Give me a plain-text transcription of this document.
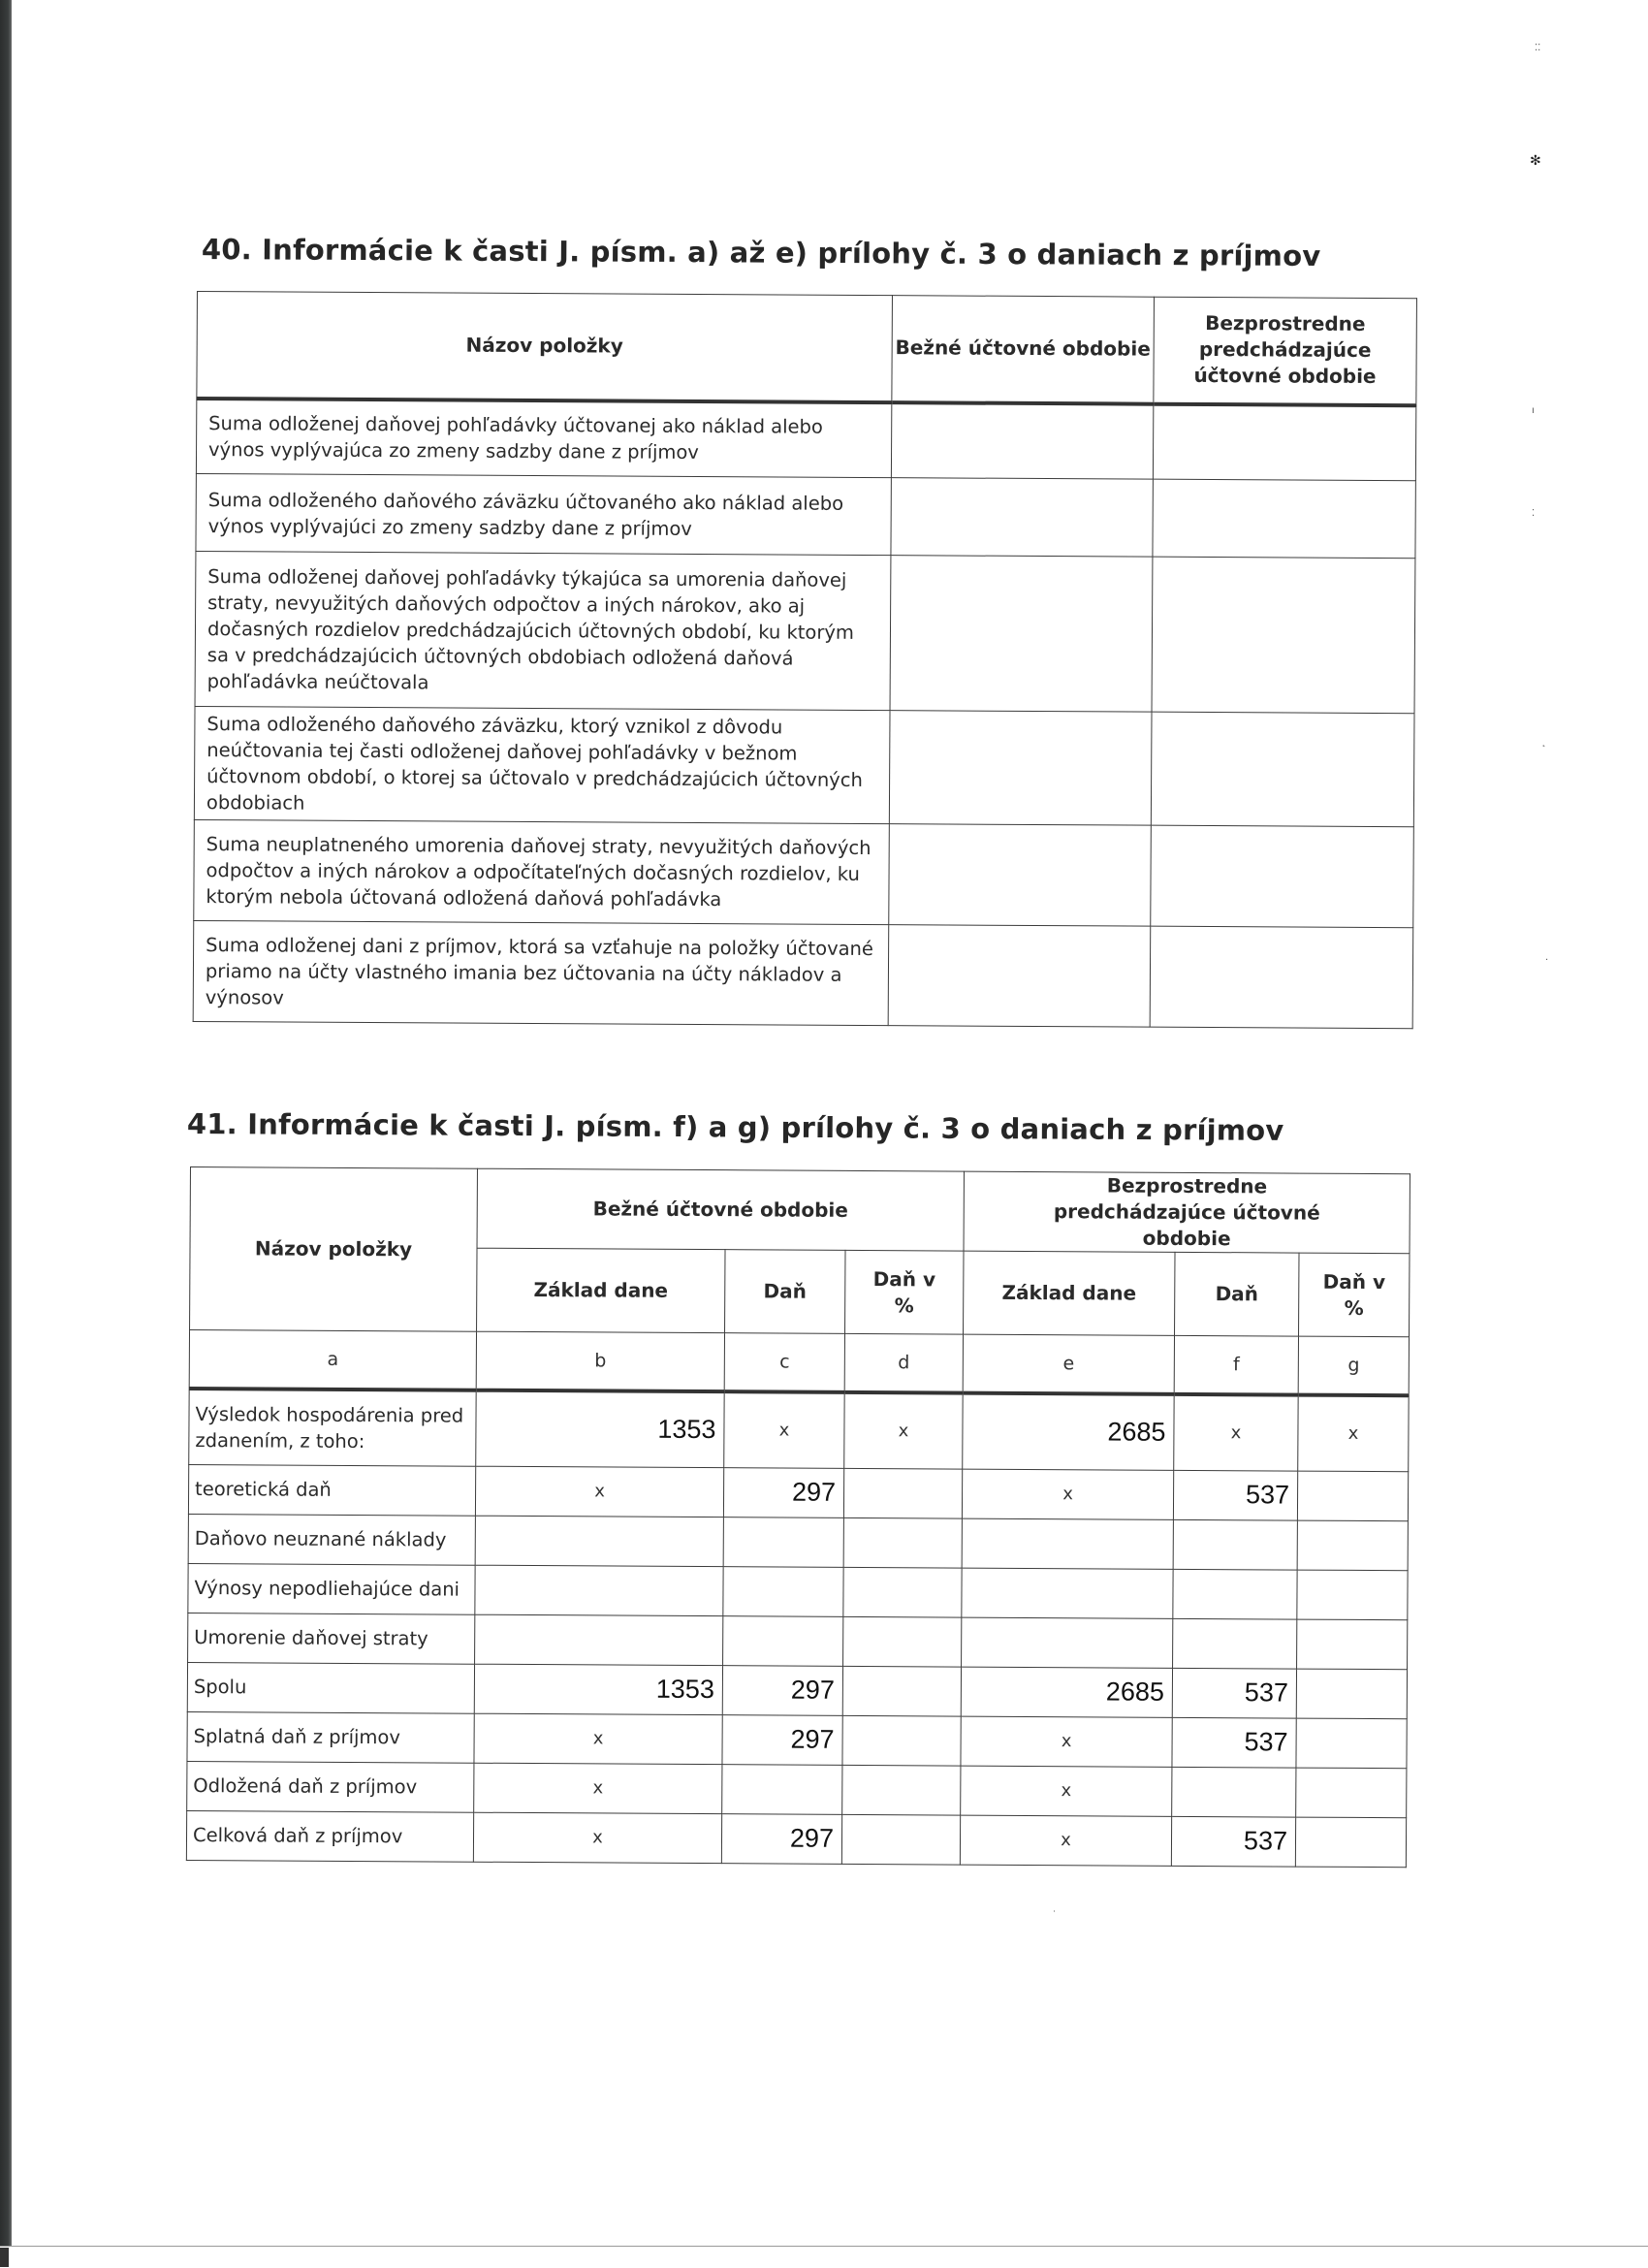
⁚⁚
✻
ı
⁚
˛
·
˙
40. Informácie k časti J. písm. a) až e) prílohy č. 3 o daniach z príjmov
Názov položky	Bežné účtovné obdobie	Bezprostredne predchádzajúce účtovné obdobie
Suma odloženej daňovej pohľadávky účtovanej ako náklad alebo výnos vyplývajúca zo zmeny sadzby dane z príjmov		
Suma odloženého daňového záväzku účtovaného ako náklad alebo výnos vyplývajúci zo zmeny sadzby dane z príjmov		
Suma odloženej daňovej pohľadávky týkajúca sa umorenia daňovej straty, nevyužitých daňových odpočtov a iných nárokov, ako aj dočasných rozdielov predchádzajúcich účtovných období, ku ktorým sa v predchádzajúcich účtovných obdobiach odložená daňová pohľadávka neúčtovala		
Suma odloženého daňového záväzku, ktorý vznikol z dôvodu neúčtovania tej časti odloženej daňovej pohľadávky v bežnom účtovnom období, o ktorej sa účtovalo v predchádzajúcich účtovných obdobiach		
Suma neuplatneného umorenia daňovej straty, nevyužitých daňových odpočtov a iných nárokov a odpočítateľných dočasných rozdielov, ku ktorým nebola účtovaná odložená daňová pohľadávka		
Suma odloženej dani z príjmov, ktorá sa vzťahuje na položky účtované priamo na účty vlastného imania bez účtovania na účty nákladov a výnosov		
41. Informácie k časti J. písm. f) a g) prílohy č. 3 o daniach z príjmov
Názov položky	Bežné účtovné obdobie			Bezprostredne predchádzajúce účtovné obdobie		
	Základ dane	Daň	Daň v %	Základ dane	Daň	Daň v %
a	b	c	d	e	f	g
Výsledok hospodárenia pred zdanením, z toho:	1353	x	x	2685	x	x
teoretická daň	x	297		x	537	
Daňovo neuznané náklady						
Výnosy nepodliehajúce dani						
Umorenie daňovej straty						
Spolu	1353	297		2685	537	
Splatná daň z príjmov	x	297		x	537	
Odložená daň z príjmov	x			x		
Celková daň z príjmov	x	297		x	537	
